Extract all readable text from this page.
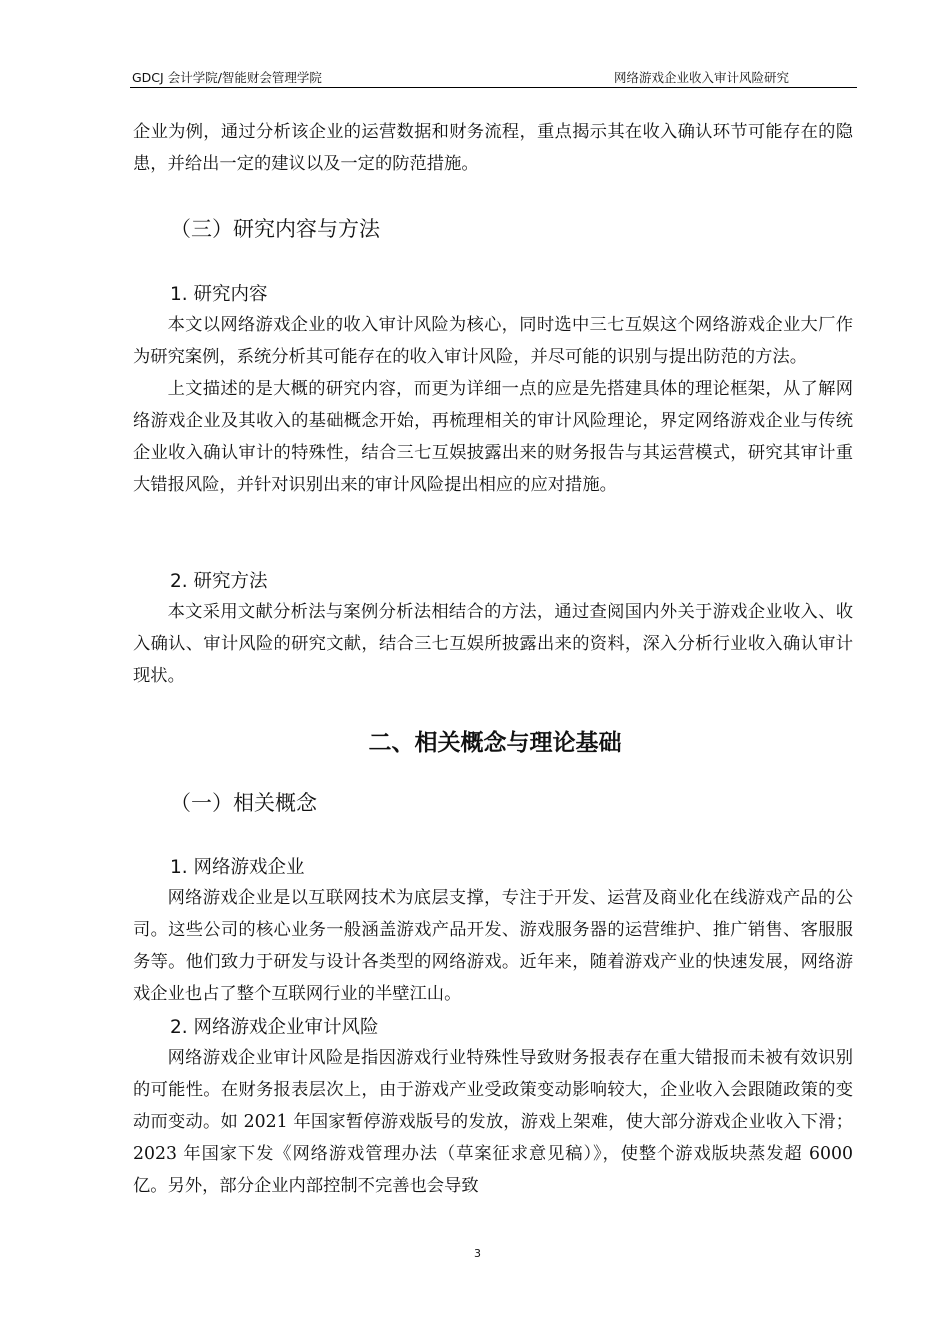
GDCJ 会计学院/智能财会管理学院	网络游戏企业收入审计风险研究

企业为例，通过分析该企业的运营数据和财务流程，重点揭示其在收入确认环节可能存在的隐患，并给出一定的建议以及一定的防范措施。

（三）研究内容与方法
1. 研究内容

本文以网络游戏企业的收入审计风险为核心，同时选中三七互娱这个网络游戏企业大厂作为研究案例，系统分析其可能存在的收入审计风险，并尽可能的识别与提出防范的方法。

上文描述的是大概的研究内容，而更为详细一点的应是先搭建具体的理论框架，从了解网络游戏企业及其收入的基础概念开始，再梳理相关的审计风险理论，界定网络游戏企业与传统企业收入确认审计的特殊性，结合三七互娱披露出来的财务报告与其运营模式，研究其审计重大错报风险，并针对识别出来的审计风险提出相应的应对措施。

2. 研究方法

本文采用文献分析法与案例分析法相结合的方法，通过查阅国内外关于游戏企业收入、收入确认、审计风险的研究文献，结合三七互娱所披露出来的资料，深入分析行业收入确认审计现状。

二、相关概念与理论基础
（一）相关概念
1. 网络游戏企业

网络游戏企业是以互联网技术为底层支撑，专注于开发、运营及商业化在线游戏产品的公司。这些公司的核心业务一般涵盖游戏产品开发、游戏服务器的运营维护、推广销售、客服服务等。他们致力于研发与设计各类型的网络游戏。近年来，随着游戏产业的快速发展，网络游戏企业也占了整个互联网行业的半壁江山。

2. 网络游戏企业审计风险

网络游戏企业审计风险是指因游戏行业特殊性导致财务报表存在重大错报而未被有效识别的可能性。在财务报表层次上，由于游戏产业受政策变动影响较大，企业收入会跟随政策的变动而变动。如 2021 年国家暂停游戏版号的发放，游戏上架难，使大部分游戏企业收入下滑；2023 年国家下发《网络游戏管理办法（草案征求意见稿）》，使整个游戏版块蒸发超 6000 亿。另外，部分企业内部控制不完善也会导致

3
